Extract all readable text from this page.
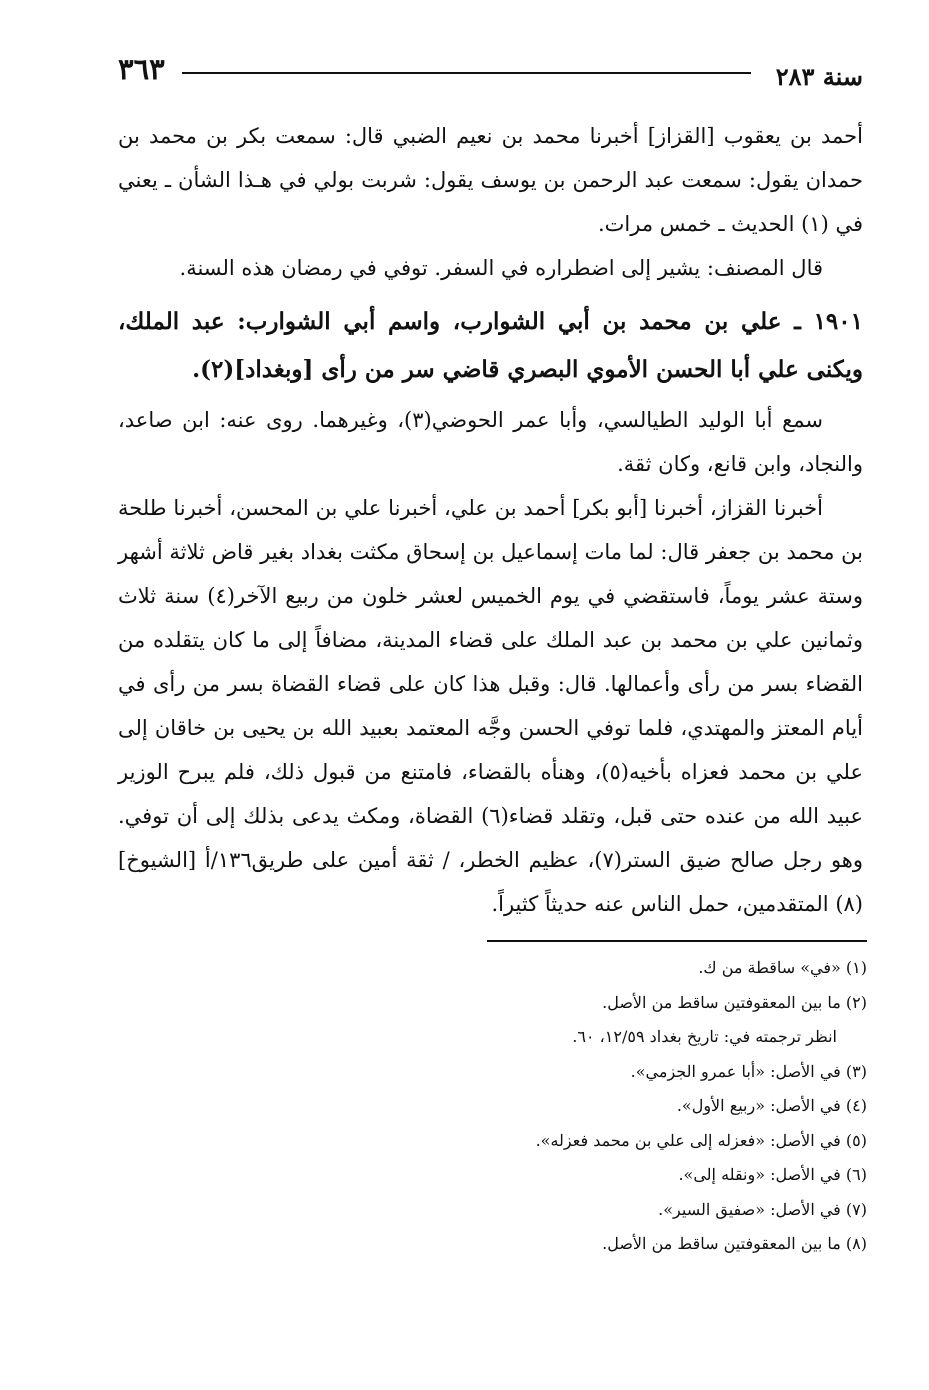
٣٦٣	سنة ٢٨٣

أحمد بن يعقوب [القزاز] أخبرنا محمد بن نعيم الضبي قال: سمعت بكر بن محمد بن حمدان يقول: سمعت عبد الرحمن بن يوسف يقول: شربت بولي في هـذا الشأن ـ يعني في (١) الحديث ـ خمس مرات.

قال المصنف: يشير إلى اضطراره في السفر. توفي في رمضان هذه السنة.

١٩٠١ ـ علي بن محمد بن أبي الشوارب، واسم أبي الشوارب: عبد الملك، ويكنى علي أبا الحسن الأموي البصري قاضي سر من رأى [وبغداد](٢).
سمع أبا الوليد الطيالسي، وأبا عمر الحوضي(٣)، وغيرهما. روى عنه: ابن صاعد، والنجاد، وابن قانع، وكان ثقة.
أخبرنا القزاز، أخبرنا [أبو بكر] أحمد بن علي، أخبرنا علي بن المحسن، أخبرنا طلحة بن محمد بن جعفر قال: لما مات إسماعيل بن إسحاق مكثت بغداد بغير قاض ثلاثة أشهر وستة عشر يوماً، فاستقضي في يوم الخميس لعشر خلون من ربيع الآخر(٤) سنة ثلاث وثمانين علي بن محمد بن عبد الملك على قضاء المدينة، مضافاً إلى ما كان يتقلده من القضاء بسر من رأى وأعمالها. قال: وقبل هذا كان على قضاء القضاة بسر من رأى في أيام المعتز والمهتدي، فلما توفي الحسن وجَّه المعتمد بعبيد الله بن يحيى بن خاقان إلى علي بن محمد فعزاه بأخيه(٥)، وهنأه بالقضاء، فامتنع من قبول ذلك، فلم يبرح الوزير عبيد الله من عنده حتى قبل، وتقلد قضاء(٦) القضاة، ومكث يدعى بذلك إلى أن توفي. وهو رجل صالح ضيق الستر(٧)، عظيم الخطر، / ثقة أمين على طريق١٣٦/أ [الشيوخ](٨) المتقدمين، حمل الناس عنه حديثاً كثيراً.

(١) «في» ساقطة من ك.

(٢) ما بين المعقوفتين ساقط من الأصل.

انظر ترجمته في: تاريخ بغداد ١٢/٥٩، ٦٠.

(٣) في الأصل: «أبا عمرو الجزمي».

(٤) في الأصل: «ربيع الأول».

(٥) في الأصل: «فعزله إلى علي بن محمد فعزله».

(٦) في الأصل: «ونقله إلى».

(٧) في الأصل: «صفيق السير».

(٨) ما بين المعقوفتين ساقط من الأصل.
